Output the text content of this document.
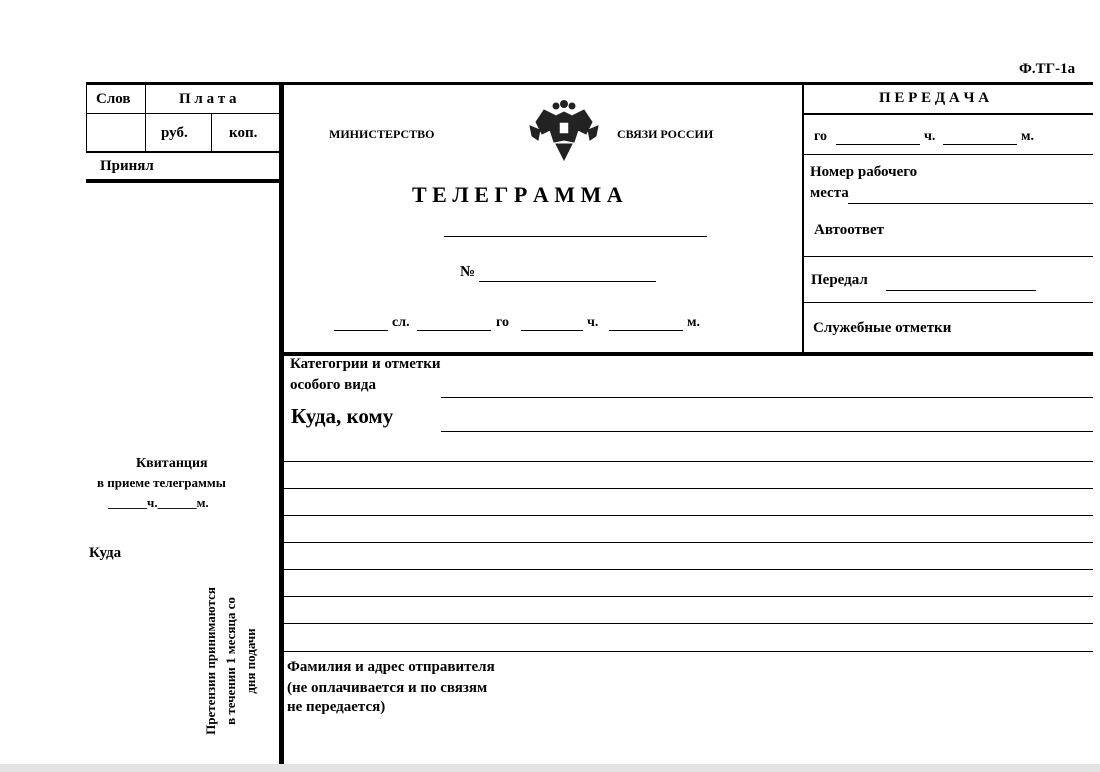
Ф.ТГ-1а
Слов	П л а т а
руб.	коп.
Принял
Квитанция
в приеме телеграммы
______ч.______м.
Куда
Претензии принимаются в течении 1 месяца со дня подачи
МИНИСТЕРСТВО	СВЯЗИ РОССИИ
Т Е Л Е Г Р А М М А
№
сл.	го	ч.	м.
П Е Р Е Д А Ч А
го	ч.	м.
Номер рабочего
места
Автоответ
Передал
Служебные отметки
Категогрии и отметки
особого вида
Куда, кому
Фамилия и адрес отправителя
(не оплачивается и по связям
не передается)
